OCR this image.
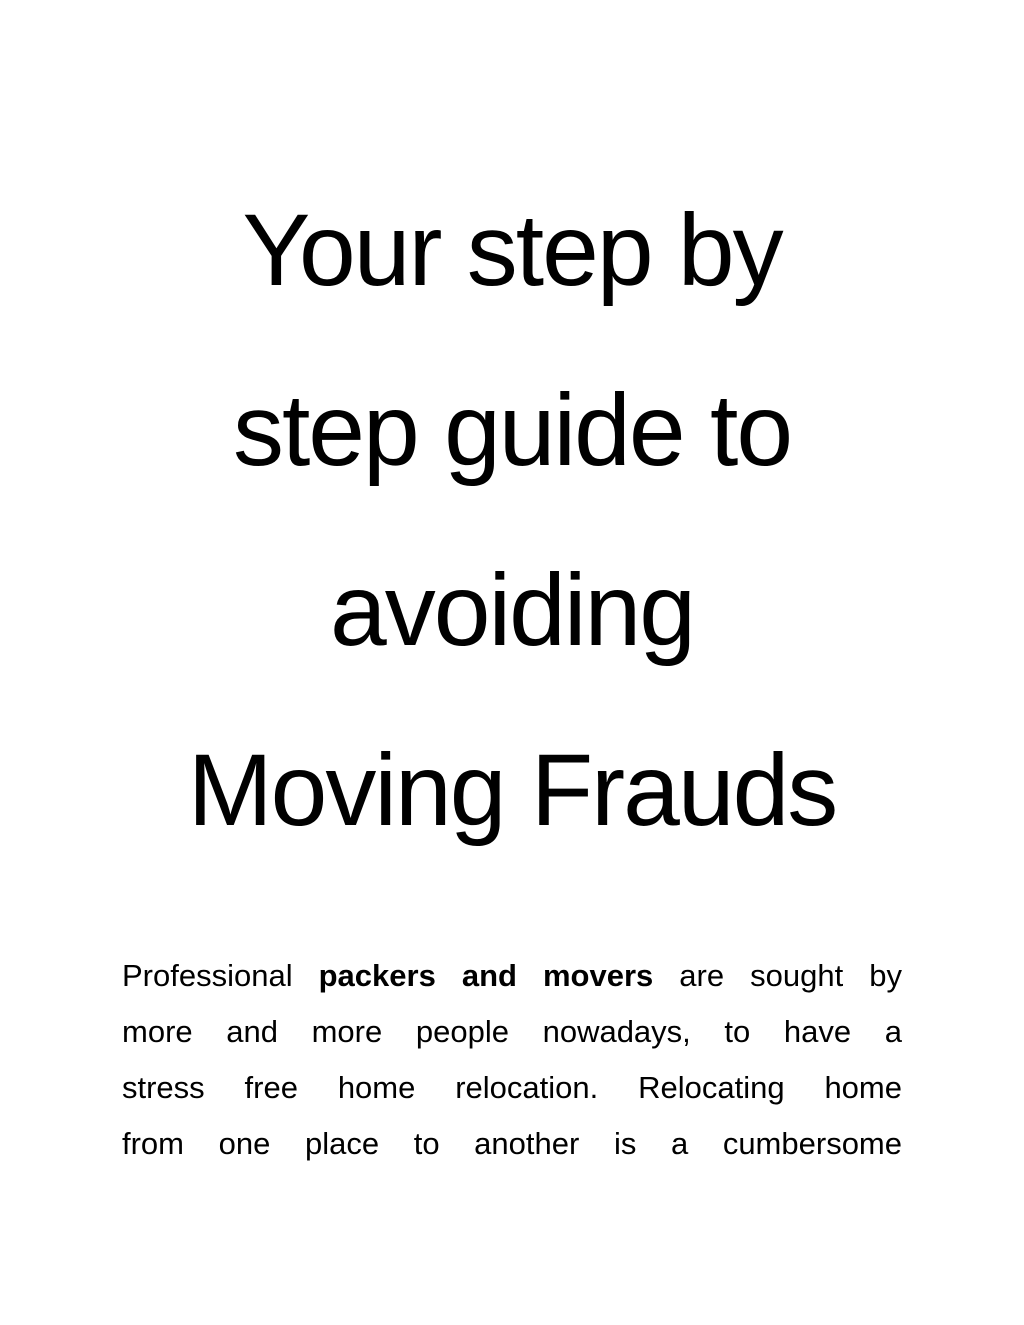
Your step by
step guide to
avoiding
Moving Frauds
Professional packers and movers are sought by
more and more people nowadays, to have a
stress free home relocation. Relocating home
from one place to another is a cumbersome
